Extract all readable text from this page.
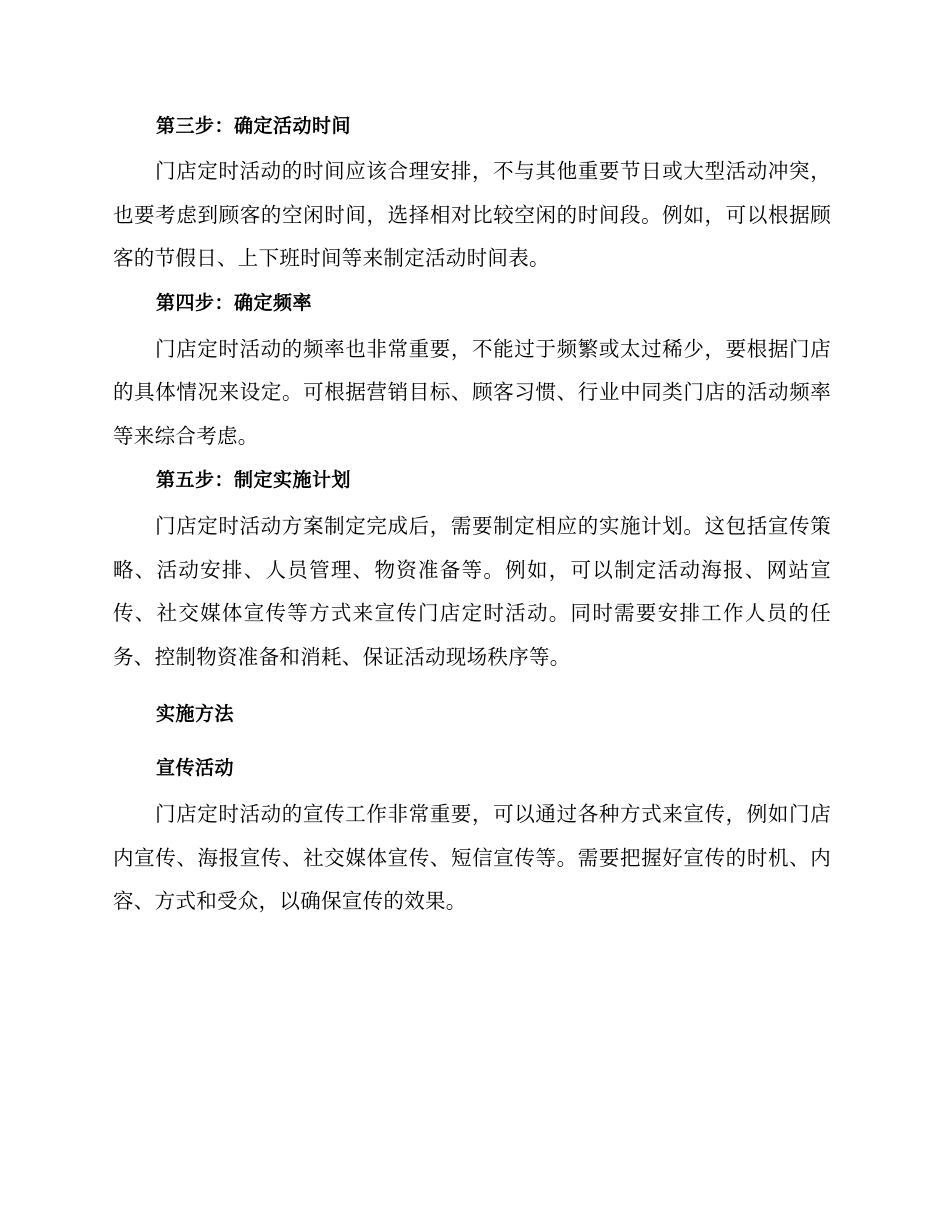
第三步：确定活动时间

门店定时活动的时间应该合理安排，不与其他重要节日或大型活动冲突，也要考虑到顾客的空闲时间，选择相对比较空闲的时间段。例如，可以根据顾客的节假日、上下班时间等来制定活动时间表。

第四步：确定频率

门店定时活动的频率也非常重要，不能过于频繁或太过稀少，要根据门店的具体情况来设定。可根据营销目标、顾客习惯、行业中同类门店的活动频率等来综合考虑。

第五步：制定实施计划

门店定时活动方案制定完成后，需要制定相应的实施计划。这包括宣传策略、活动安排、人员管理、物资准备等。例如，可以制定活动海报、网站宣传、社交媒体宣传等方式来宣传门店定时活动。同时需要安排工作人员的任务、控制物资准备和消耗、保证活动现场秩序等。

实施方法
宣传活动

门店定时活动的宣传工作非常重要，可以通过各种方式来宣传，例如门店内宣传、海报宣传、社交媒体宣传、短信宣传等。需要把握好宣传的时机、内容、方式和受众，以确保宣传的效果。
